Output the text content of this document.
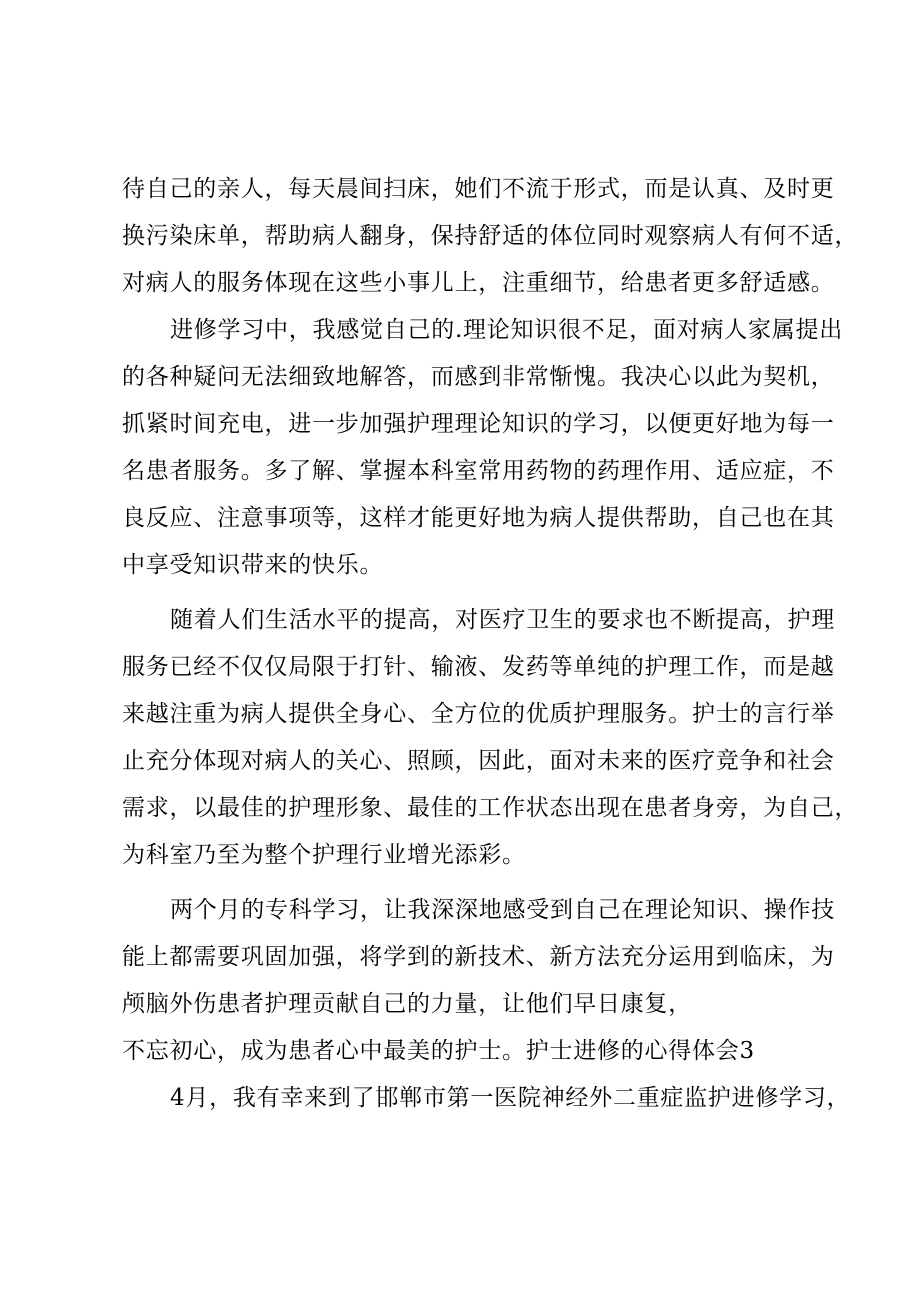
待自己的亲人，每天晨间扫床，她们不流于形式，而是认真、及时更
换污染床单，帮助病人翻身，保持舒适的体位同时观察病人有何不适，
对病人的服务体现在这些小事儿上，注重细节，给患者更多舒适感。
进修学习中，我感觉自己的.理论知识很不足，面对病人家属提出
的各种疑问无法细致地解答，而感到非常惭愧。我决心以此为契机，
抓紧时间充电，进一步加强护理理论知识的学习，以便更好地为每一
名患者服务。多了解、掌握本科室常用药物的药理作用、适应症，不
良反应、注意事项等，这样才能更好地为病人提供帮助，自己也在其
中享受知识带来的快乐。
随着人们生活水平的提高，对医疗卫生的要求也不断提高，护理
服务已经不仅仅局限于打针、输液、发药等单纯的护理工作，而是越
来越注重为病人提供全身心、全方位的优质护理服务。护士的言行举
止充分体现对病人的关心、照顾，因此，面对未来的医疗竞争和社会
需求，以最佳的护理形象、最佳的工作状态出现在患者身旁，为自己，
为科室乃至为整个护理行业增光添彩。
两个月的专科学习，让我深深地感受到自己在理论知识、操作技
能上都需要巩固加强，将学到的新技术、新方法充分运用到临床，为
颅脑外伤患者护理贡献自己的力量，让他们早日康复，
不忘初心，成为患者心中最美的护士。护士进修的心得体会3
4月，我有幸来到了邯郸市第一医院神经外二重症监护进修学习，
